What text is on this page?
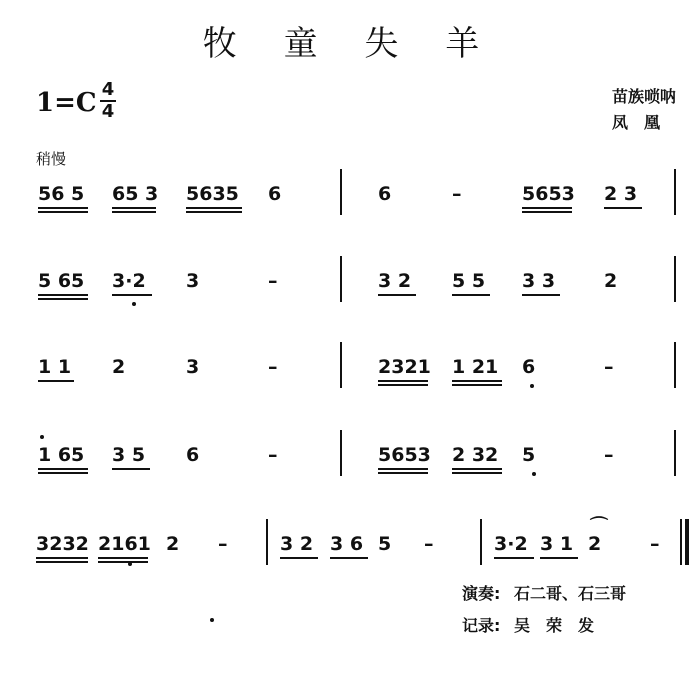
牧 童 失 羊
1=C 4
4
苗族唢呐
凤　凰
稍慢
56 5 65 3 5635 6	6	–	5653 2 3
5 65 3·2 3	–	3 2 5 5 3 3	2
1 1 2	3	–	2321 1 21 6	–
1 65 3 5 6	–	5653 2 32 5	–
3232 2161 2 –	3 2 3 6 5 –	3·2 3 1 2	–
⌒
演奏: 石二哥、石三哥
记录: 吴　荣　发
